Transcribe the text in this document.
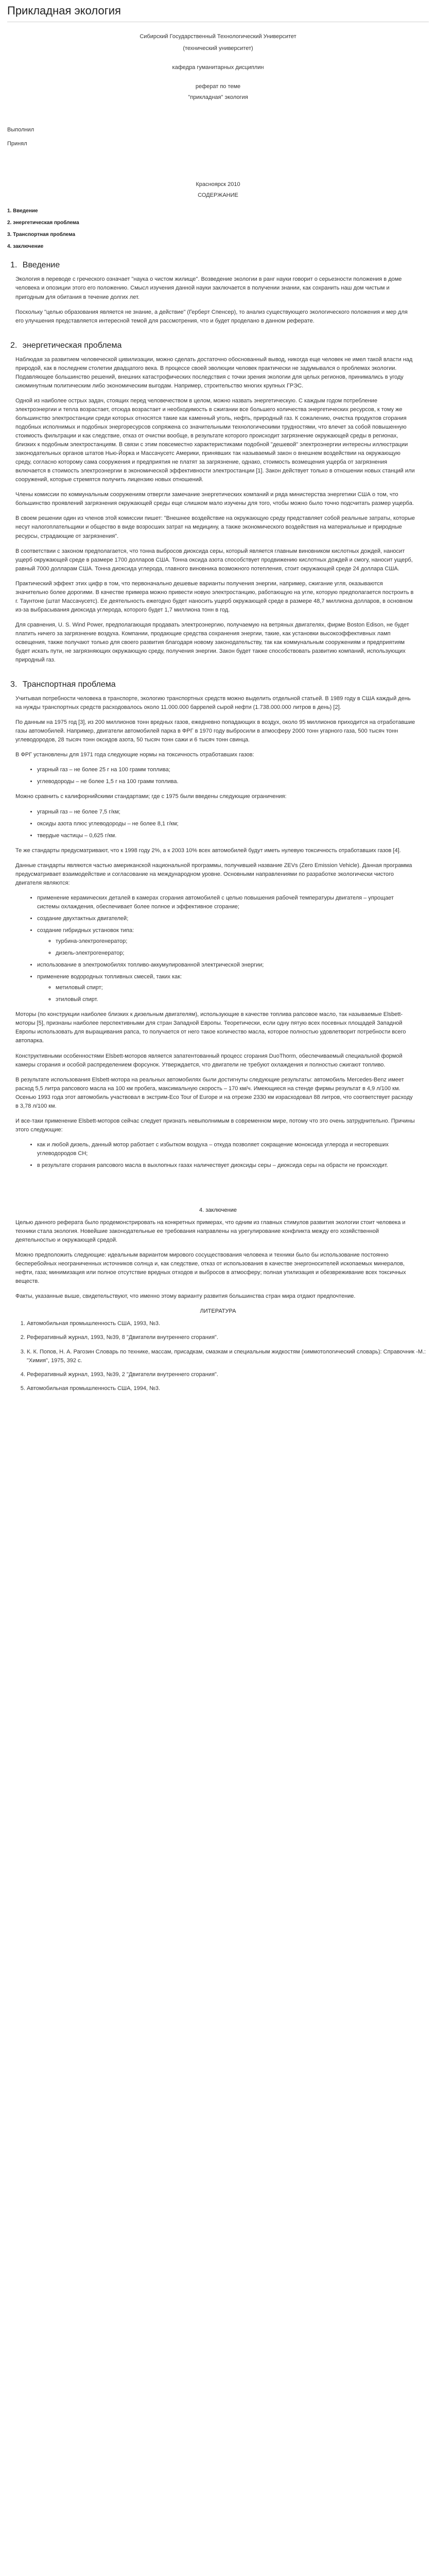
Прикладная экология

Сибирский Государственный Технологический Университет

(технический университет)

кафедра гуманитарных дисциплин

реферат по теме

"прикладная" экология

Выполнил

Принял

Красноярск 2010

СОДЕРЖАНИЕ

1. Введение

2. энергетическая проблема

3. Транспортная проблема

4. заключение

1. Введение

Экология в переводе с греческого означает "наука о чистом жилище". Возведение экологии в ранг науки говорит о серьезности положения в доме человека и опозиции этого его положению. Смысл изучения данной науки заключается в получении знании, как сохранить наш дом чистым и пригодным для обитания в течение долгих лет.

Поскольку "целью образования является не знание, а действие" (Герберт Спенсер), то анализ существующего экологического положения и мер для его улучшения представляется интересной темой для рассмотрения, что и будет проделано в данном реферате.

2. энергетическая проблема

Наблюдая за развитием человеческой цивилизации, можно сделать достаточно обоснованный вывод, никогда еще человек не имел такой власти над природой, как в последнем столетии двадцатого века. В процессе своей эволюции человек практически не задумывался о проблемах экологии. Подавляющее большинство решений, внешних катастрофических последствия с точки зрения экологии для целых регионов, принимались в угоду сиюминутным политическим либо экономическим выгодам. Например, строительство многих крупных ГРЭС.

Одной из наиболее острых задач, стоящих перед человечеством в целом, можно назвать энергетическую. С каждым годом потребление электроэнергии и тепла возрастает, отсюда возрастает и необходимость в сжигании все большего количества энергетических ресурсов, к тому же большинство электростанции среди которых относятся такие как каменный уголь, нефть, природный газ. К сожалению, очистка продуктов сгорания подобных исполнимых и подобных энергоресурсов сопряжена со значительными технологическими трудностями, что влечет за собой повышенную стоимость фильтрации и как следствие, отказ от очистки вообще, в результате которого происходит загрязнение окружающей среды в регионах, близких к подобным электростанциям. В связи с этим повсеместно характеристиками подобной "дешевой" электроэнергии интересны иллюстрации законодательных органов штатов Нью-Йорка и Массачусетс Америки, принявших так называемый закон о внешнем воздействии на окружающую среду, согласно которому сама сооружения и предприятия не платят за загрязнение, однако, стоимость возмещения ущерба от загрязнения включается в стоимость электроэнергии в экономической эффективности электростанции [1]. Закон действует только в отношении новых станций или сооружений, которые стремятся получить лицензию новых отношений.

Члены комиссии по коммунальным сооружениям отвергли замечание энергетических компаний и ряда министерства энергетики США о том, что большинство проявлений загрязнения окружающей среды еще слишком мало изучены для того, чтобы можно было точно подсчитать размер ущерба.

В своем решении один из членов этой комиссии пишет: "Внешнее воздействие на окружающую среду представляет собой реальные затраты, которые несут налогоплательщики и общество в виде возросших затрат на медицину, а также экономического воздействия на материальные и природные ресурсы, страдающие от загрязнения".

В соответствии с законом предполагается, что тонна выбросов диоксида серы, который является главным виновником кислотных дождей, наносит ущерб окружающей среде в размере 1700 долларов США. Тонна оксида азота способствует продвижению кислотных дождей и смогу, наносит ущерб, равный 7000 долларам США. Тонна диоксида углерода, главного виновника возможного потепления, стоит окружающей среде 24 доллара США.

Практический эффект этих цифр в том, что первоначально дешевые варианты получения энергии, например, сжигание угля, оказываются значительно более дорогими. В качестве примера можно привести новую электростанцию, работающую на угле, которую предполагается построить в г. Таунтоне (штат Массачусетс). Ее деятельность ежегодно будет наносить ущерб окружающей среде в размере 48,7 миллиона долларов, в основном из-за выбрасывания диоксида углерода, которого будет 1,7 миллиона тонн в год.

Для сравнения, U. S. Wind Power, предполагающая продавать электроэнергию, получаемую на ветряных двигателях, фирме Boston Edison, не будет платить ничего за загрязнение воздуха. Компании, продающие средства сохранения энергии, такие, как установки высокоэффективных ламп освещения, также получают только для своего развития благодаря новому законодательству, так как коммунальным сооружениям и предприятиям будет искать пути, не загрязняющих окружающую среду, получения энергии. Закон будет также способствовать развитию компаний, использующих природный газ.

3. Транспортная проблема

Учитывая потребности человека в транспорте, экологию транспортных средств можно выделить отдельной статьей. В 1989 году в США каждый день на нужды транспортных средств расходовалось около 11.000.000 баррелей сырой нефти (1.738.000.000 литров в день) [2].

По данным на 1975 год [3], из 200 миллионов тонн вредных газов, ежедневно попадающих в воздух, около 95 миллионов приходится на отработавшие газы автомобилей. Например, двигатели автомобилей парка в ФРГ в 1970 году выбросили в атмосферу 2000 тонн угарного газа, 500 тысяч тонн углеводородов, 28 тысяч тонн оксидов азота, 50 тысяч тонн сажи и 6 тысяч тонн свинца.

В ФРГ установлены для 1971 года следующие нормы на токсичность отработавших газов:

• угарный газ – не более 25 г на 100 грамм топлива;
• углеводороды – не более 1,5 г на 100 грамм топлива.

Можно сравнить с калифорнийскими стандартами; где с 1975 были введены следующие ограничения:

• угарный газ – не более 7,5 г/км;
• оксиды азота плюс углеводороды – не более 8,1 г/км;
• твердые частицы – 0,625 г/км.

Те же стандарты предусматривают, что к 1998 году 2%, а к 2003 10% всех автомобилей будут иметь нулевую токсичность отработавших газов [4].

Данные стандарты являются частью американской национальной программы, получившей название ZEVs (Zero Emission Vehicle). Данная программа предусматривает взаимодействие и согласование на международном уровне. Основными направлениями по разработке экологически чистого двигателя являются:

• применение керамических деталей в камерах сгорания автомобилей с целью повышения рабочей температуры двигателя – упрощает системы охлаждения, обеспечивает более полное и эффективное сгорание;
• создание двухтактных двигателей;
• создание гибридных установок типа:
◦ турбина-электрогенератор;
◦ дизель-электрогенератор;
• использование в электромобилях топливо-аккумулированной электрической энергии;
• применение водородных топливных смесей, таких как:
◦ метиловый спирт;
◦ этиловый спирт.

Моторы (по конструкции наиболее близких к дизельным двигателям), использующие в качестве топлива рапсовое масло, так называемые Elsbett-моторы [5], признаны наиболее перспективными для стран Западной Европы. Теоретически, если одну пятую всех посевных площадей Западной Европы использовать для выращивания рапса, то получается от него такое количество масла, которое полностью удовлетворит потребности всего автопарка.

Конструктивными особенностями Elsbett-моторов является запатентованный процесс сгорания DuoThorm, обеспечиваемый специальной формой камеры сгорания и особой распределением форсунок. Утверждается, что двигатели не требуют охлаждения и полностью сжигают топливо.

В результате использования Elsbett-мотора на реальных автомобилях были достигнуты следующие результаты: автомобиль Mercedes-Benz имеет расход 5,5 литра рапсового масла на 100 км пробега, максимальную скорость – 170 км/ч. Имеющиеся на стенде фирмы результат в 4,9 л/100 км. Осенью 1993 года этот автомобиль участвовал в экстрим-Eco Tour of Europe и на отрезке 2330 км израсходовал 88 литров, что соответствует расходу в 3,78 л/100 км.

И все-таки применение Elsbett-моторов сейчас следует признать невыполнимым в современном мире, потому что это очень затруднительно. Причины этого следующие:

• как и любой дизель, данный мотор работает с избытком воздуха – откуда позволяет сокращение моноксида углерода и несгоревших углеводородов СН;
• в результате сгорания рапсового масла в выхлопных газах наличествует диоксиды серы – диоксида серы на обрасти не происходит.
4. заключение

Целью данного реферата было продемонстрировать на конкретных примерах, что одним из главных стимулов развития экологии стоит человека и техники стала экология. Новейшие законодательные ее требования направлены на урегулирование конфликта между его хозяйственной деятельностью и окружающей средой.

Можно предположить следующие: идеальным вариантом мирового сосуществования человека и техники было бы использование постоянно бесперебойных неограниченных источников солнца и, как следствие, отказ от использования в качестве энергоносителей ископаемых минералов, нефти, газа; минимизация или полное отсутствие вредных отходов и выбросов в атмосферу; полная утилизация и обезвреживание всех токсичных веществ.

Факты, указанные выше, свидетельствуют, что именно этому варианту развития большинства стран мира отдают предпочтение.

ЛИТЕРАТУРА
1. Автомобильная промышленность США, 1993, №3.
2. Реферативный журнал, 1993, №39, 8 "Двигатели внутреннего сгорания".
3. К. К. Попов, Н. А. Рагозин Словарь по технике, массам, присадкам, смазкам и специальным жидкостям (химмотологический словарь): Справочник -М.: "Химия", 1975, 392 с.
4. Реферативный журнал, 1993, №39, 2 "Двигатели внутреннего сгорания".
5. Автомобильная промышленность США, 1994, №3.
